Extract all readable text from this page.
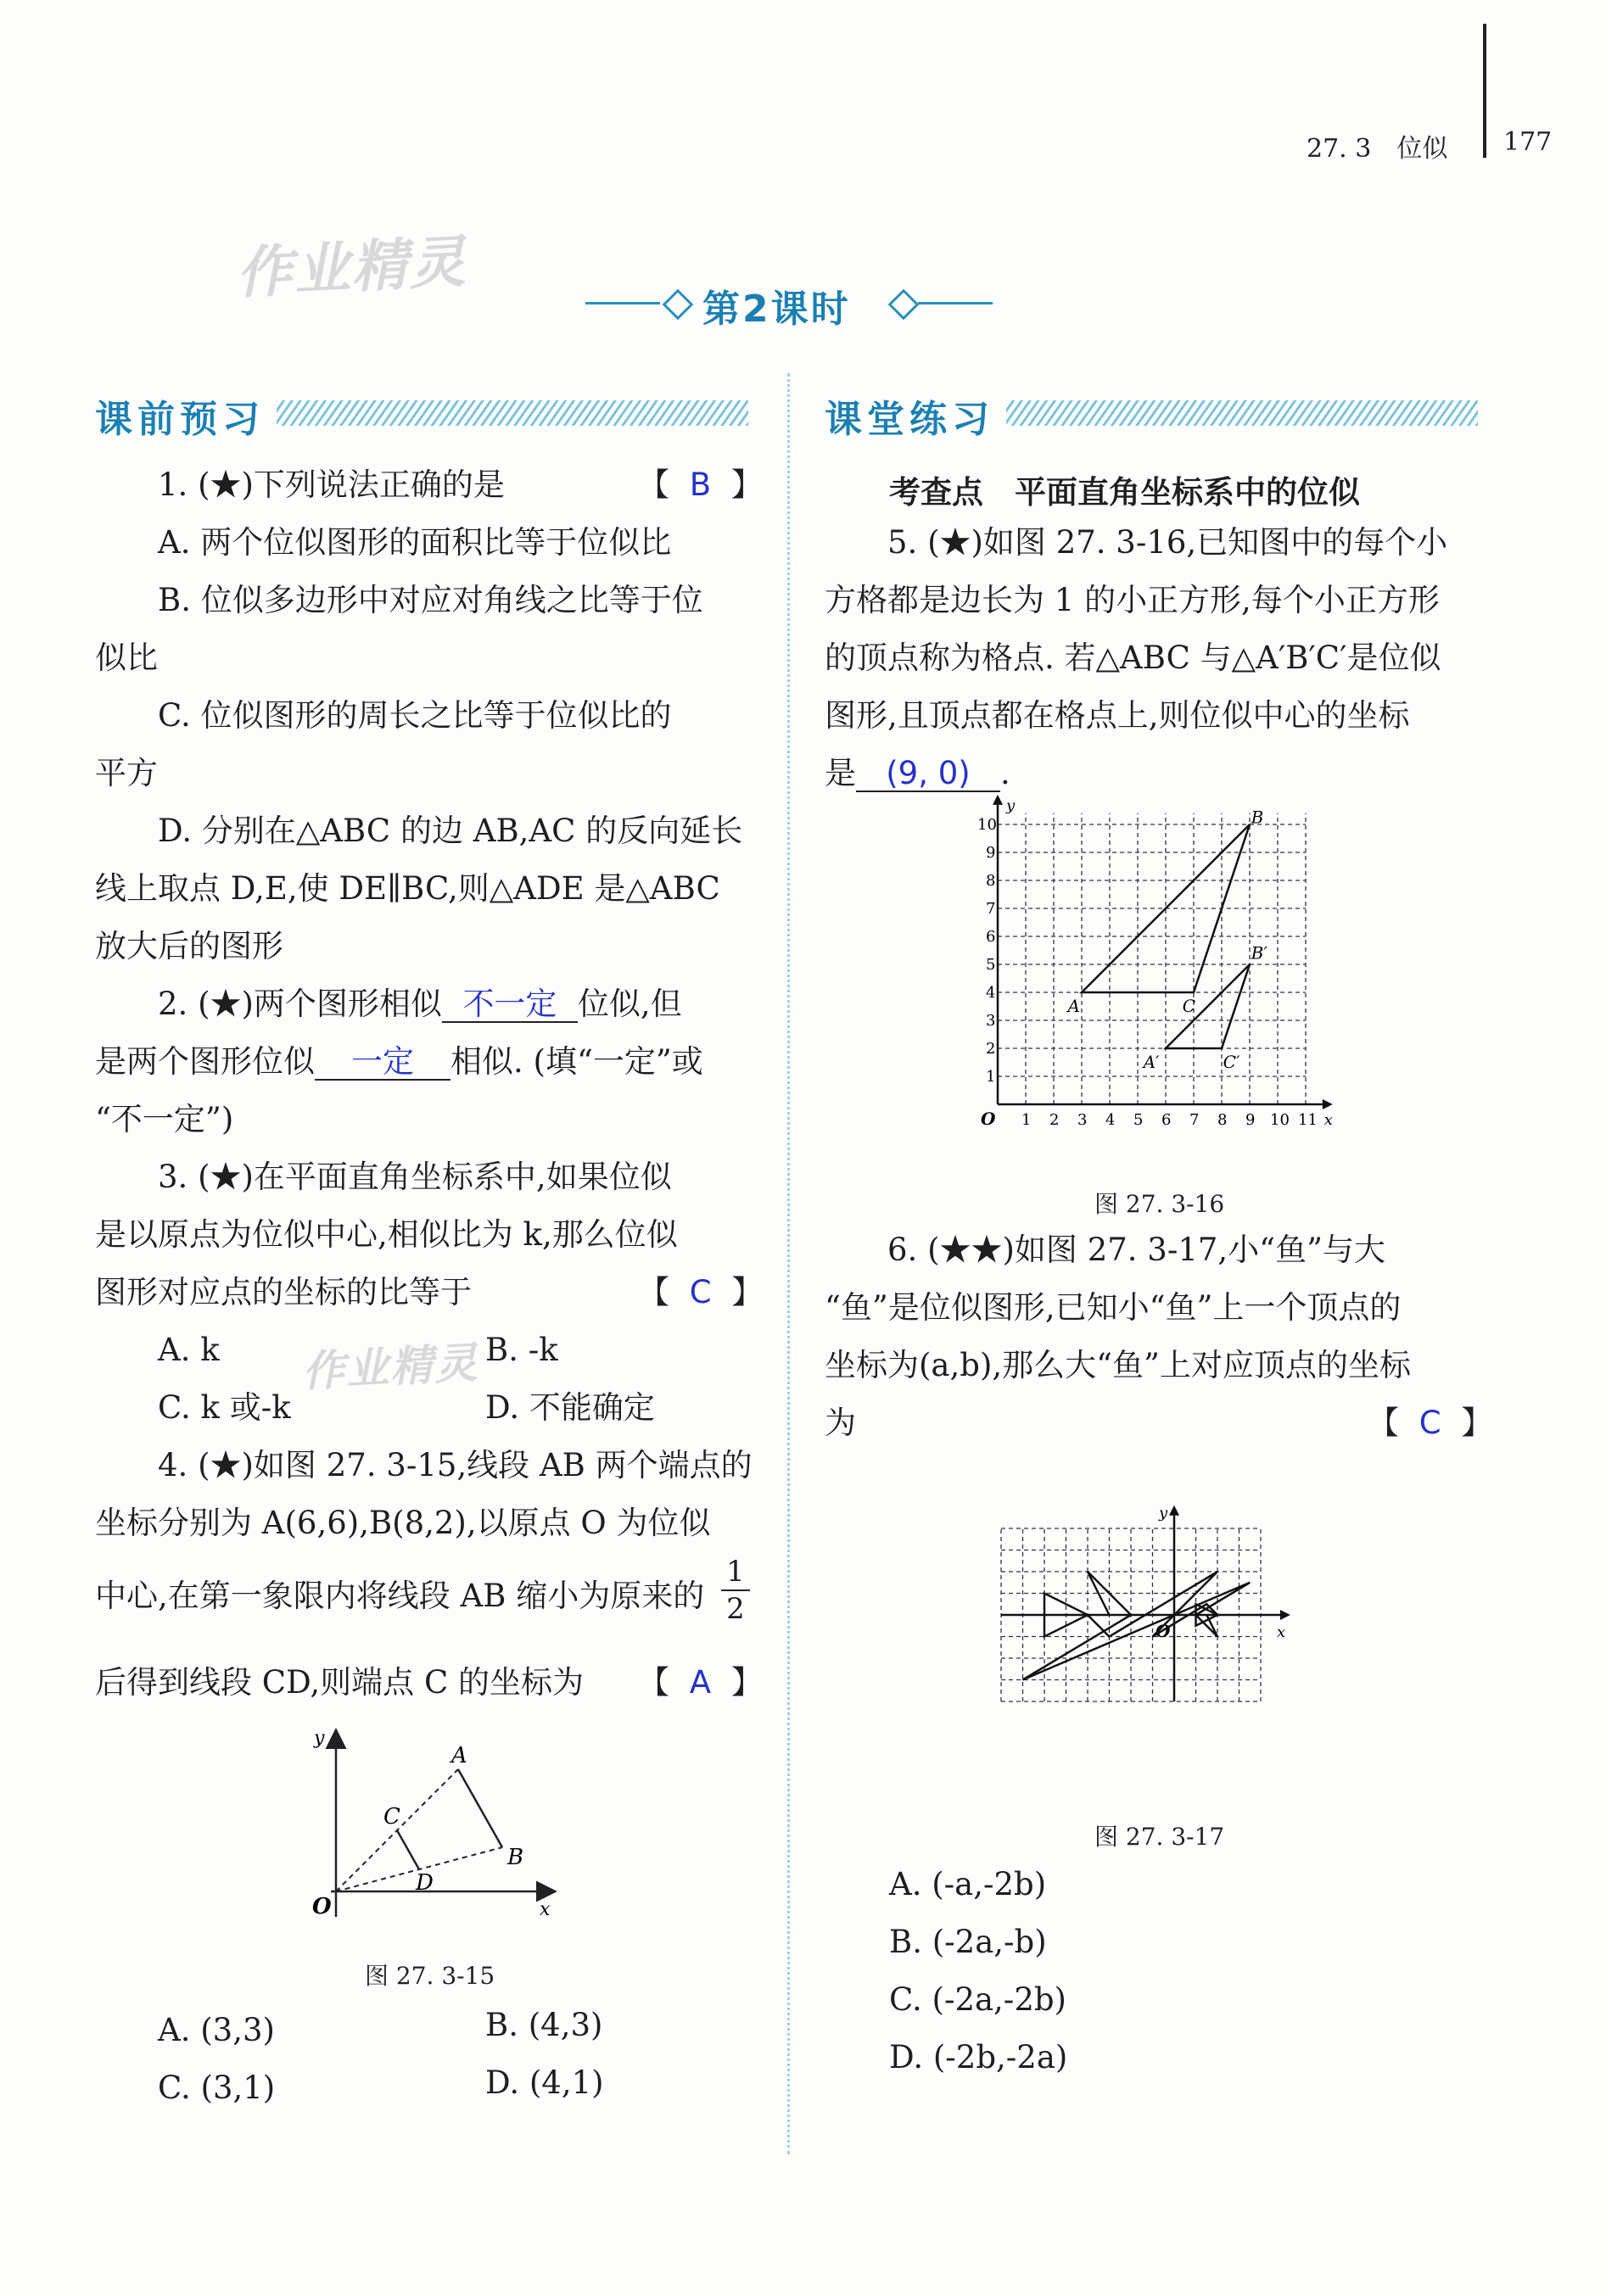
27. 3　位似 177
作业精灵
作业精灵
第2课时
课前预习	课堂练习
1. (★)下列说法正确的是	【 B 】
A. 两个位似图形的面积比等于位似比
B. 位似多边形中对应对角线之比等于位
似比
C. 位似图形的周长之比等于位似比的
平方
D. 分别在△ABC 的边 AB,AC 的反向延长
线上取点 D,E,使 DE∥BC,则△ADE 是△ABC
放大后的图形
2. (★)两个图形相似 不一定 位似,但
是两个图形位似 一定 相似. (填“一定”或
“不一定”)
3. (★)在平面直角坐标系中,如果位似
是以原点为位似中心,相似比为 k,那么位似
图形对应点的坐标的比等于	【 C 】
A. k	B. -k
C. k 或-k	D. 不能确定
4. (★)如图 27. 3-15,线段 AB 两个端点的
坐标分别为 A(6,6),B(8,2),以原点 O 为位似
中心,在第一象限内将线段 AB 缩小为原来的
1
2
后得到线段 CD,则端点 C 的坐标为 【 A 】
A
B
C
D
O	x
y
图 27. 3-15
A. (3,3)	B. (4,3)
C. (3,1)	D. (4,1)
考查点　平面直角坐标系中的位似
5. (★)如图 27. 3-16,已知图中的每个小
方格都是边长为 1 的小正方形,每个小正方形
的顶点称为格点. 若△ABC 与△A′B′C′是位似
图形,且顶点都在格点上,则位似中心的坐标
是 (9, 0) .
1 2 3 4 5 6 7 8 9 10 11
1
2
3
4
5
6
7
8
9
10
O	x
y
A
B
C
A′
B′
C′
图 27. 3-16
6. (★★)如图 27. 3-17,小“鱼”与大
“鱼”是位似图形,已知小“鱼”上一个顶点的
坐标为(a,b),那么大“鱼”上对应顶点的坐标
为	【 C 】
O	x
y
图 27. 3-17
A. (-a,-2b)
B. (-2a,-b)
C. (-2a,-2b)
D. (-2b,-2a)
